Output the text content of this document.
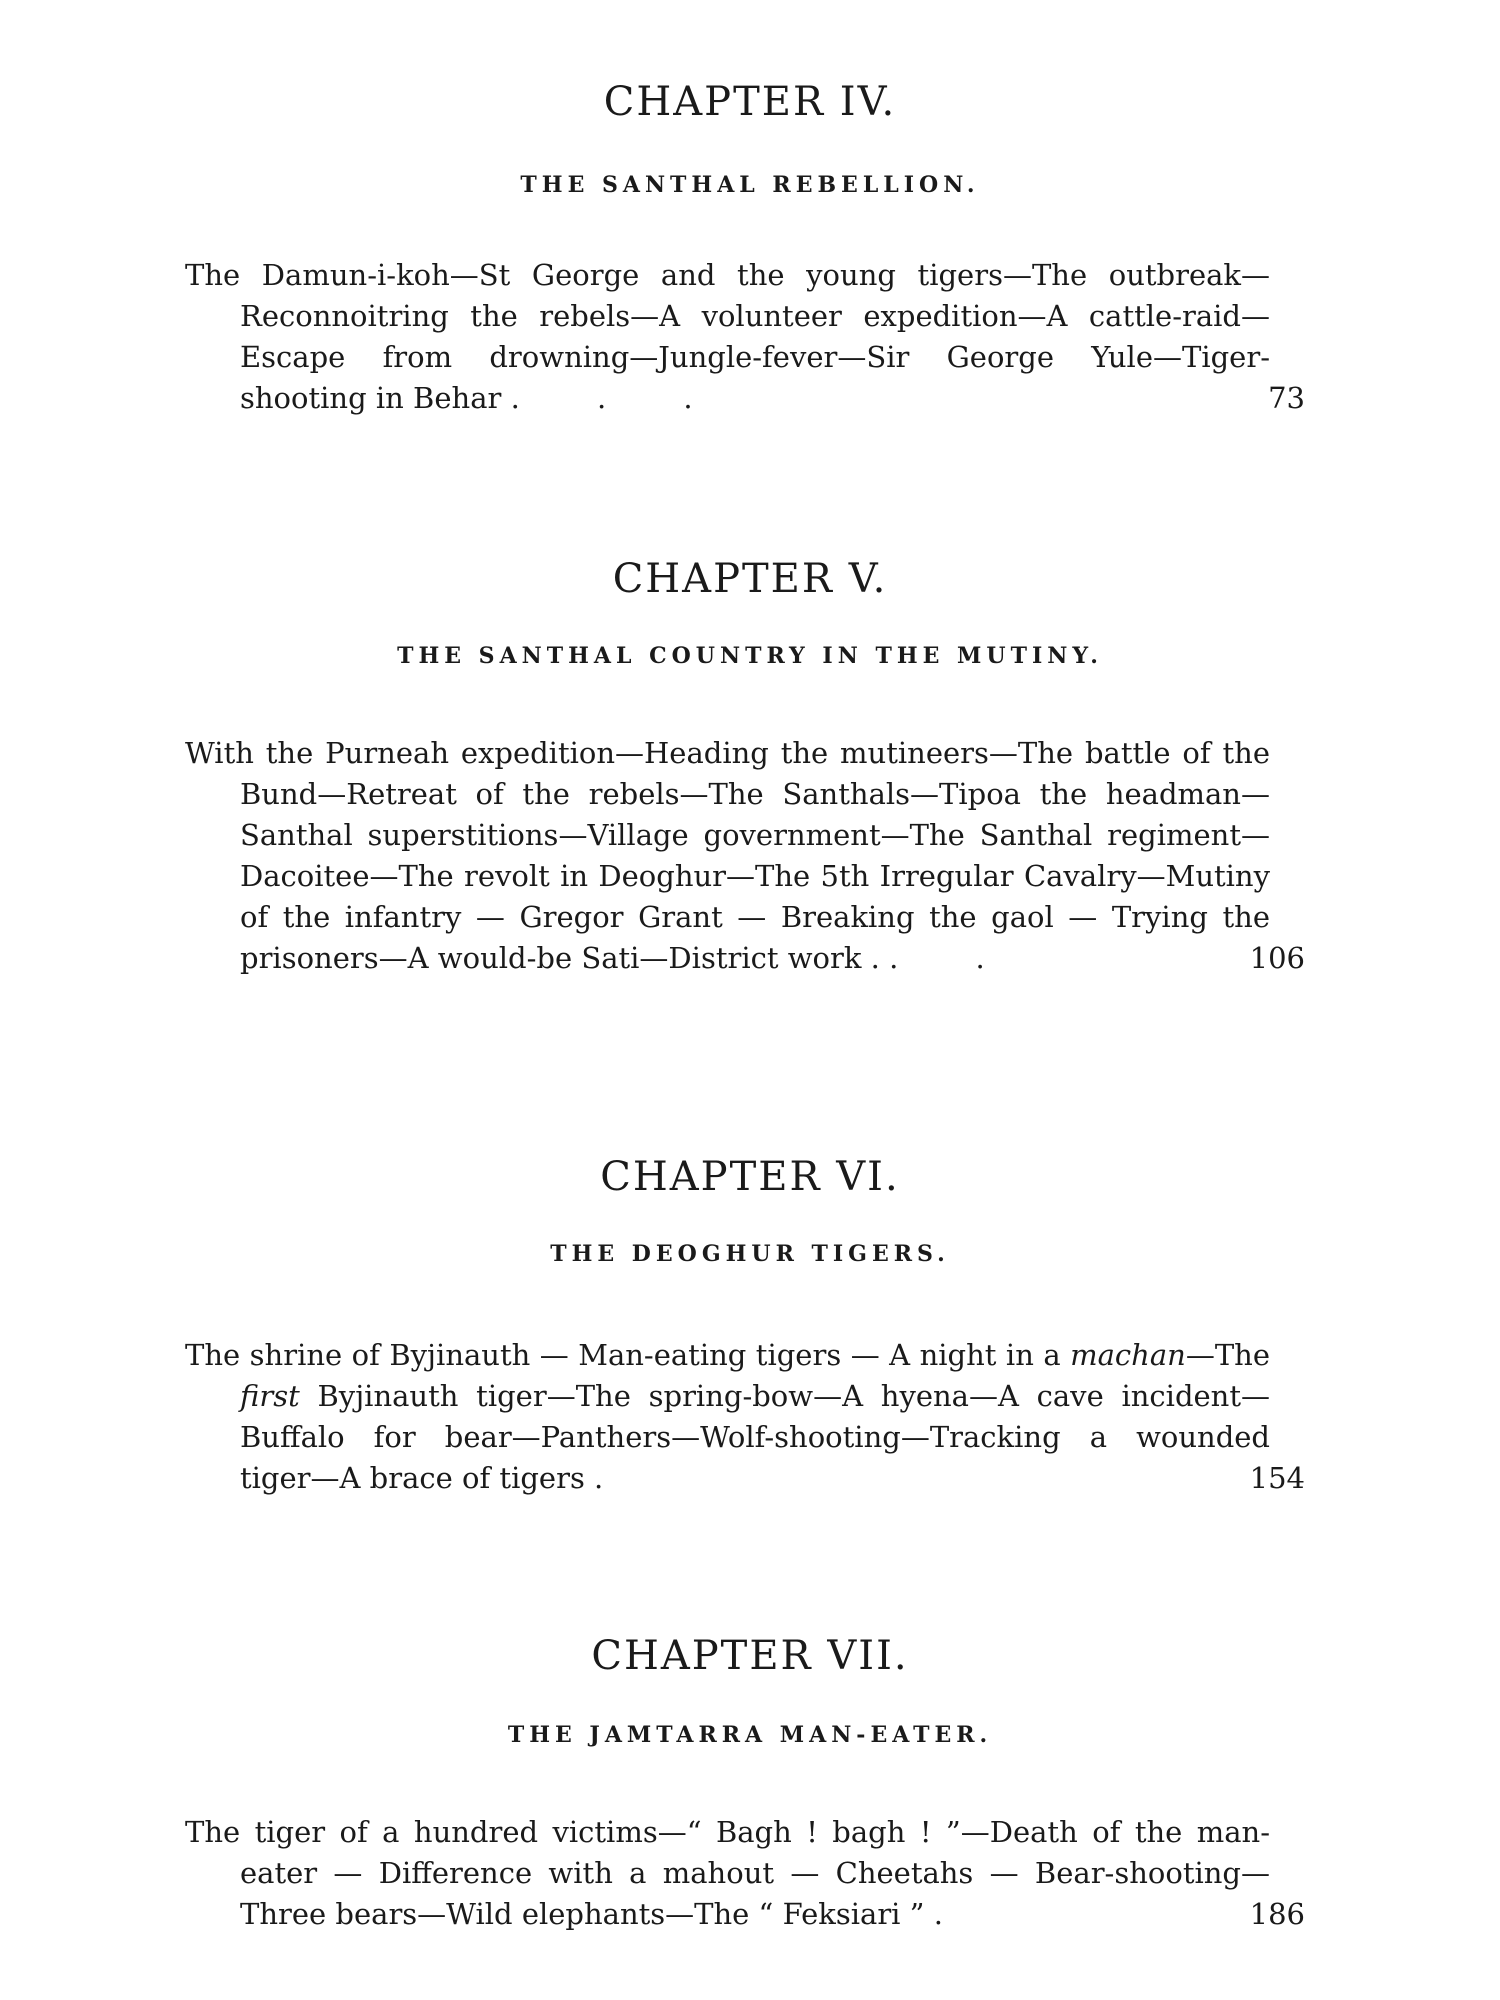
CHAPTER IV.
THE SANTHAL REBELLION.

The Damun-i-koh—St George and the young tigers—The outbreak—Reconnoitring the rebels—A volunteer expedition—A cattle-raid—Escape from drowning—Jungle-fever—Sir George Yule—Tiger-shooting in Behar . . .	73
CHAPTER V.
THE SANTHAL COUNTRY IN THE MUTINY.

With the Purneah expedition—Heading the mutineers—The battle of the Bund—Retreat of the rebels—The Santhals—Tipoa the headman—Santhal superstitions—Village government—The Santhal regiment—Dacoitee—The revolt in Deoghur—The 5th Irregular Cavalry—Mutiny of the infantry — Gregor Grant — Breaking the gaol — Trying the prisoners—A would-be Sati—District work . . .	106
CHAPTER VI.
THE DEOGHUR TIGERS.

The shrine of Byjinauth — Man-eating tigers — A night in a machan—The first Byjinauth tiger—The spring-bow—A hyena—A cave incident—Buffalo for bear—Panthers—Wolf-shooting—Tracking a wounded tiger—A brace of tigers .	154
CHAPTER VII.
THE JAMTARRA MAN-EATER.

The tiger of a hundred victims—“ Bagh ! bagh ! ”—Death of the man-eater — Difference with a mahout — Cheetahs — Bear-shooting—Three bears—Wild elephants—The “ Feksiari ” .	186
